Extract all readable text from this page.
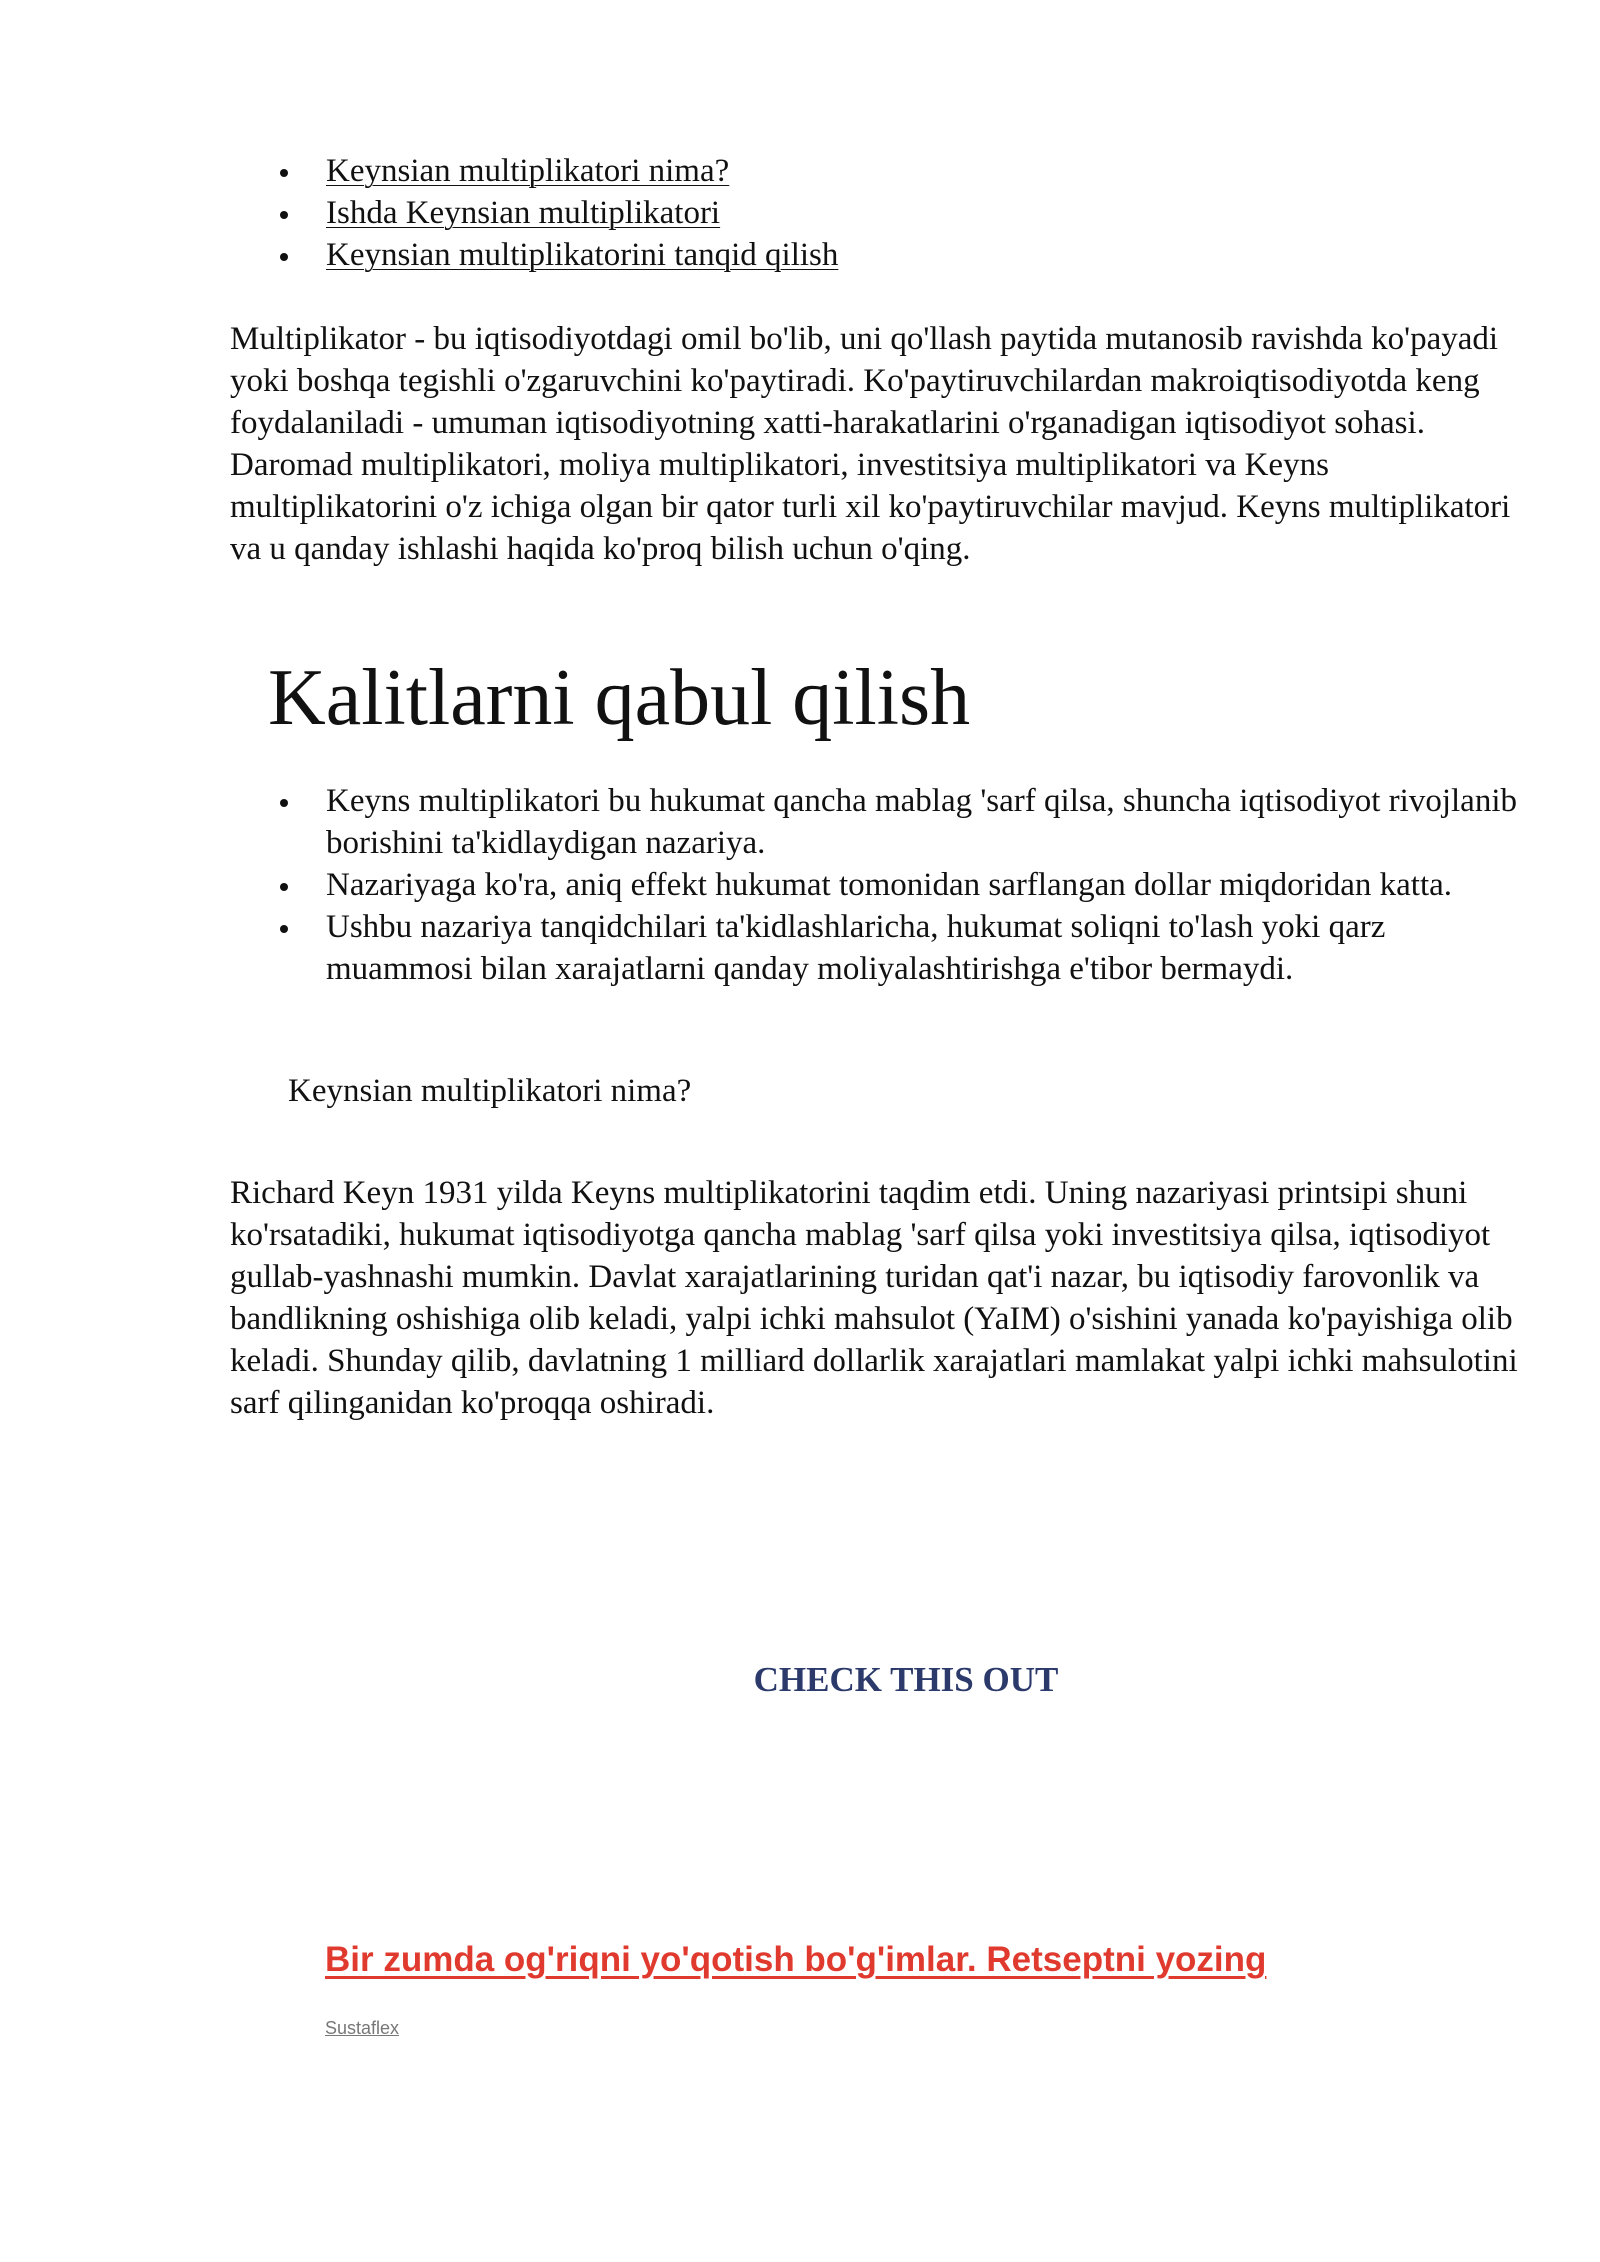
Keynsian multiplikatori nima?
Ishda Keynsian multiplikatori
Keynsian multiplikatorini tanqid qilish

Multiplikator - bu iqtisodiyotdagi omil bo'lib, uni qo'llash paytida mutanosib ravishda ko'payadi yoki boshqa tegishli o'zgaruvchini ko'paytiradi. Ko'paytiruvchilardan makroiqtisodiyotda keng foydalaniladi - umuman iqtisodiyotning xatti-harakatlarini o'rganadigan iqtisodiyot sohasi. Daromad multiplikatori, moliya multiplikatori, investitsiya multiplikatori va Keyns multiplikatorini o'z ichiga olgan bir qator turli xil ko'paytiruvchilar mavjud. Keyns multiplikatori va u qanday ishlashi haqida ko'proq bilish uchun o'qing.

Kalitlarni qabul qilish
Keyns multiplikatori bu hukumat qancha mablag 'sarf qilsa, shuncha iqtisodiyot rivojlanib borishini ta'kidlaydigan nazariya.
Nazariyaga ko'ra, aniq effekt hukumat tomonidan sarflangan dollar miqdoridan katta.
Ushbu nazariya tanqidchilari ta'kidlashlaricha, hukumat soliqni to'lash yoki qarz muammosi bilan xarajatlarni qanday moliyalashtirishga e'tibor bermaydi.
Keynsian multiplikatori nima?

Richard Keyn 1931 yilda Keyns multiplikatorini taqdim etdi. Uning nazariyasi printsipi shuni ko'rsatadiki, hukumat iqtisodiyotga qancha mablag 'sarf qilsa yoki investitsiya qilsa, iqtisodiyot gullab-yashnashi mumkin. Davlat xarajatlarining turidan qat'i nazar, bu iqtisodiy farovonlik va bandlikning oshishiga olib keladi, yalpi ichki mahsulot (YaIM) o'sishini yanada ko'payishiga olib keladi. Shunday qilib, davlatning 1 milliard dollarlik xarajatlari mamlakat yalpi ichki mahsulotini sarf qilinganidan ko'proqqa oshiradi.

CHECK THIS OUT

Bir zumda og'riqni yo'qotish bo'g'imlar. Retseptni yozing
Sustaflex
